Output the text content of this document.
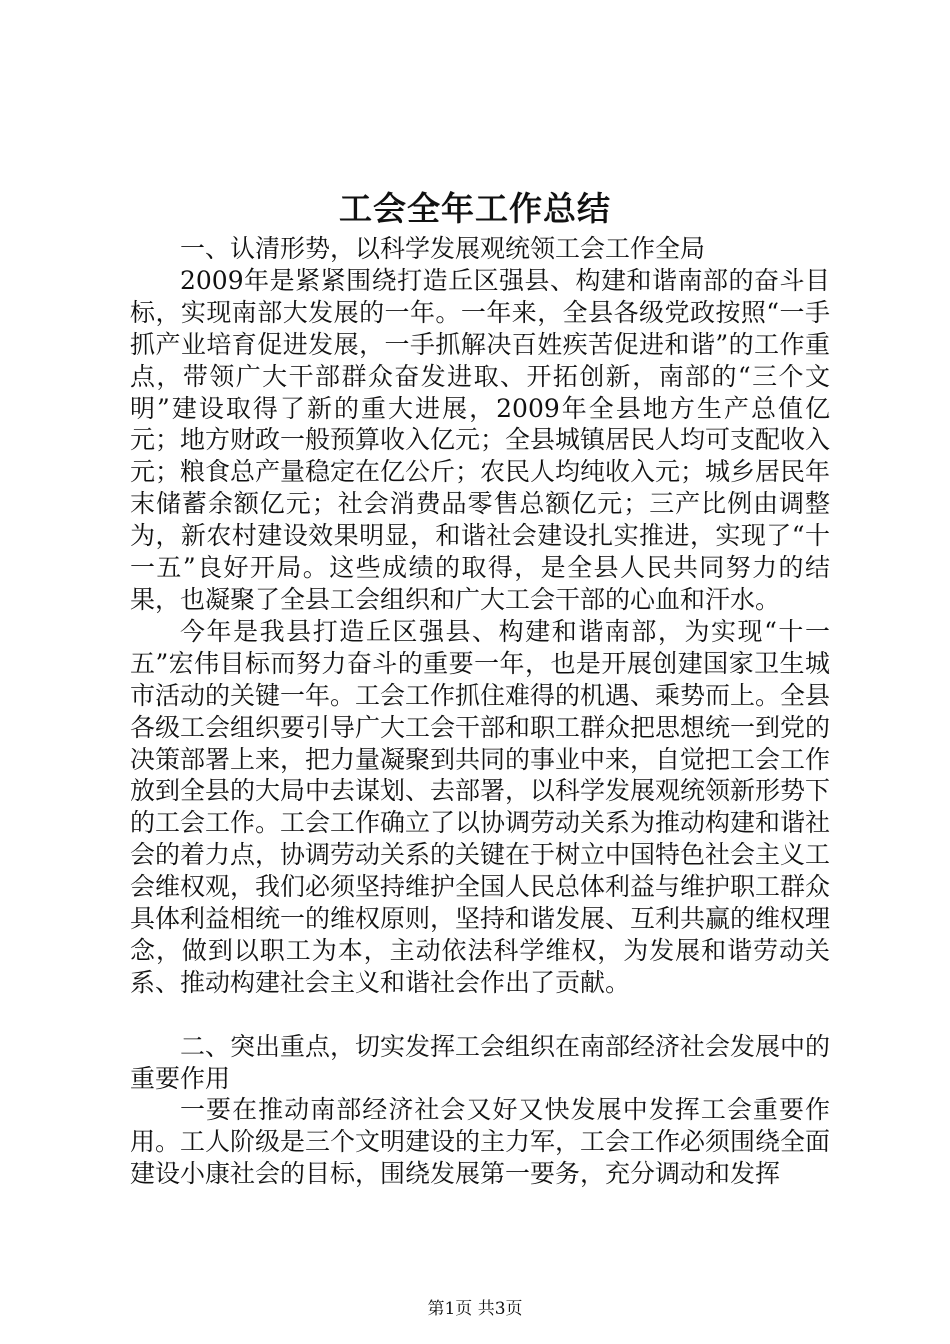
工会全年工作总结

一、认清形势，以科学发展观统领工会工作全局

2009年是紧紧围绕打造丘区强县、构建和谐南部的奋斗目标，实现南部大发展的一年。一年来，全县各级党政按照“一手抓产业培育促进发展，一手抓解决百姓疾苦促进和谐”的工作重点，带领广大干部群众奋发进取、开拓创新，南部的“三个文明”建设取得了新的重大进展，2009年全县地方生产总值亿元；地方财政一般预算收入亿元；全县城镇居民人均可支配收入元；粮食总产量稳定在亿公斤；农民人均纯收入元；城乡居民年末储蓄余额亿元；社会消费品零售总额亿元；三产比例由调整为，新农村建设效果明显，和谐社会建设扎实推进，实现了“十一五”良好开局。这些成绩的取得，是全县人民共同努力的结果，也凝聚了全县工会组织和广大工会干部的心血和汗水。

今年是我县打造丘区强县、构建和谐南部，为实现“十一五”宏伟目标而努力奋斗的重要一年，也是开展创建国家卫生城市活动的关键一年。工会工作抓住难得的机遇、乘势而上。全县各级工会组织要引导广大工会干部和职工群众把思想统一到党的决策部署上来，把力量凝聚到共同的事业中来，自觉把工会工作放到全县的大局中去谋划、去部署，以科学发展观统领新形势下的工会工作。工会工作确立了以协调劳动关系为推动构建和谐社会的着力点，协调劳动关系的关键在于树立中国特色社会主义工会维权观，我们必须坚持维护全国人民总体利益与维护职工群众具体利益相统一的维权原则，坚持和谐发展、互利共赢的维权理念，做到以职工为本，主动依法科学维权，为发展和谐劳动关系、推动构建社会主义和谐社会作出了贡献。

二、突出重点，切实发挥工会组织在南部经济社会发展中的重要作用

一要在推动南部经济社会又好又快发展中发挥工会重要作用。工人阶级是三个文明建设的主力军，工会工作必须围绕全面建设小康社会的目标，围绕发展第一要务，充分调动和发挥

第1页 共3页
